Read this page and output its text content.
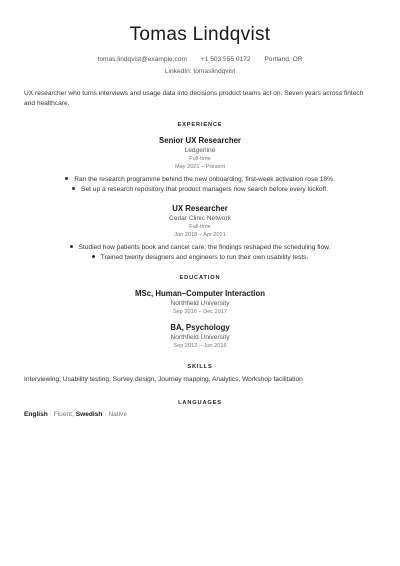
Tomas Lindqvist
tomas.lindqvist@example.com +1 503 555 0172 Portland, OR
LinkedIn: tomaslindqvist
UX researcher who turns interviews and usage data into decisions product teams act on. Seven years across fintech and healthcare.
EXPERIENCE
Senior UX Researcher
Ledgerline
Full-time
May 2021 – Present
Ran the research programme behind the new onboarding; first-week activation rose 18%.
Set up a research repository that product managers now search before every kickoff.
UX Researcher
Cedar Clinic Network
Full-time
Jan 2018 – Apr 2021
Studied how patients book and cancel care; the findings reshaped the scheduling flow.
Trained twenty designers and engineers to run their own usability tests.
EDUCATION
MSc, Human–Computer Interaction
Northfield University
Sep 2016 – Dec 2017
BA, Psychology
Northfield University
Sep 2012 – Jun 2016
SKILLS
Interviewing, Usability testing, Survey design, Journey mapping, Analytics, Workshop facilitation
LANGUAGES
English · Fluent, Swedish · Native
